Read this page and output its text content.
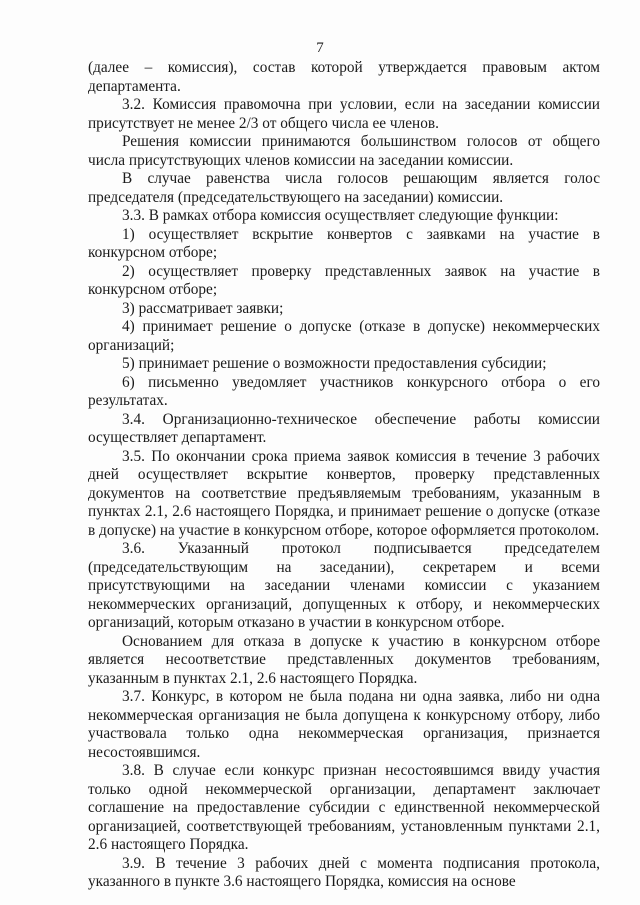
7

(далее – комиссия), состав которой утверждается правовым актом департамента.

3.2. Комиссия правомочна при условии, если на заседании комиссии присутствует не менее 2/3 от общего числа ее членов.

Решения комиссии принимаются большинством голосов от общего числа присутствующих членов комиссии на заседании комиссии.

В случае равенства числа голосов решающим является голос председателя (председательствующего на заседании) комиссии.

3.3. В рамках отбора комиссия осуществляет следующие функции:

1) осуществляет вскрытие конвертов с заявками на участие в конкурсном отборе;

2) осуществляет проверку представленных заявок на участие в конкурсном отборе;

3) рассматривает заявки;

4) принимает решение о допуске (отказе в допуске) некоммерческих организаций;

5) принимает решение о возможности предоставления субсидии;

6) письменно уведомляет участников конкурсного отбора о его результатах.

3.4. Организационно-техническое обеспечение работы комиссии осуществляет департамент.

3.5. По окончании срока приема заявок комиссия в течение 3 рабочих дней осуществляет вскрытие конвертов, проверку представленных документов на соответствие предъявляемым требованиям, указанным в пунктах 2.1, 2.6 настоящего Порядка, и принимает решение о допуске (отказе в допуске) на участие в конкурсном отборе, которое оформляется протоколом.

3.6. Указанный протокол подписывается председателем (председательствующим на заседании), секретарем и всеми присутствующими на заседании членами комиссии с указанием некоммерческих организаций, допущенных к отбору, и некоммерческих организаций, которым отказано в участии в конкурсном отборе.

Основанием для отказа в допуске к участию в конкурсном отборе является несоответствие представленных документов требованиям, указанным в пунктах 2.1, 2.6 настоящего Порядка.

3.7. Конкурс, в котором не была подана ни одна заявка, либо ни одна некоммерческая организация не была допущена к конкурсному отбору, либо участвовала только одна некоммерческая организация, признается несостоявшимся.

3.8. В случае если конкурс признан несостоявшимся ввиду участия только одной некоммерческой организации, департамент заключает соглашение на предоставление субсидии с единственной некоммерческой организацией, соответствующей требованиям, установленным пунктами 2.1, 2.6 настоящего Порядка.

3.9. В течение 3 рабочих дней с момента подписания протокола, указанного в пункте 3.6 настоящего Порядка, комиссия на основе
